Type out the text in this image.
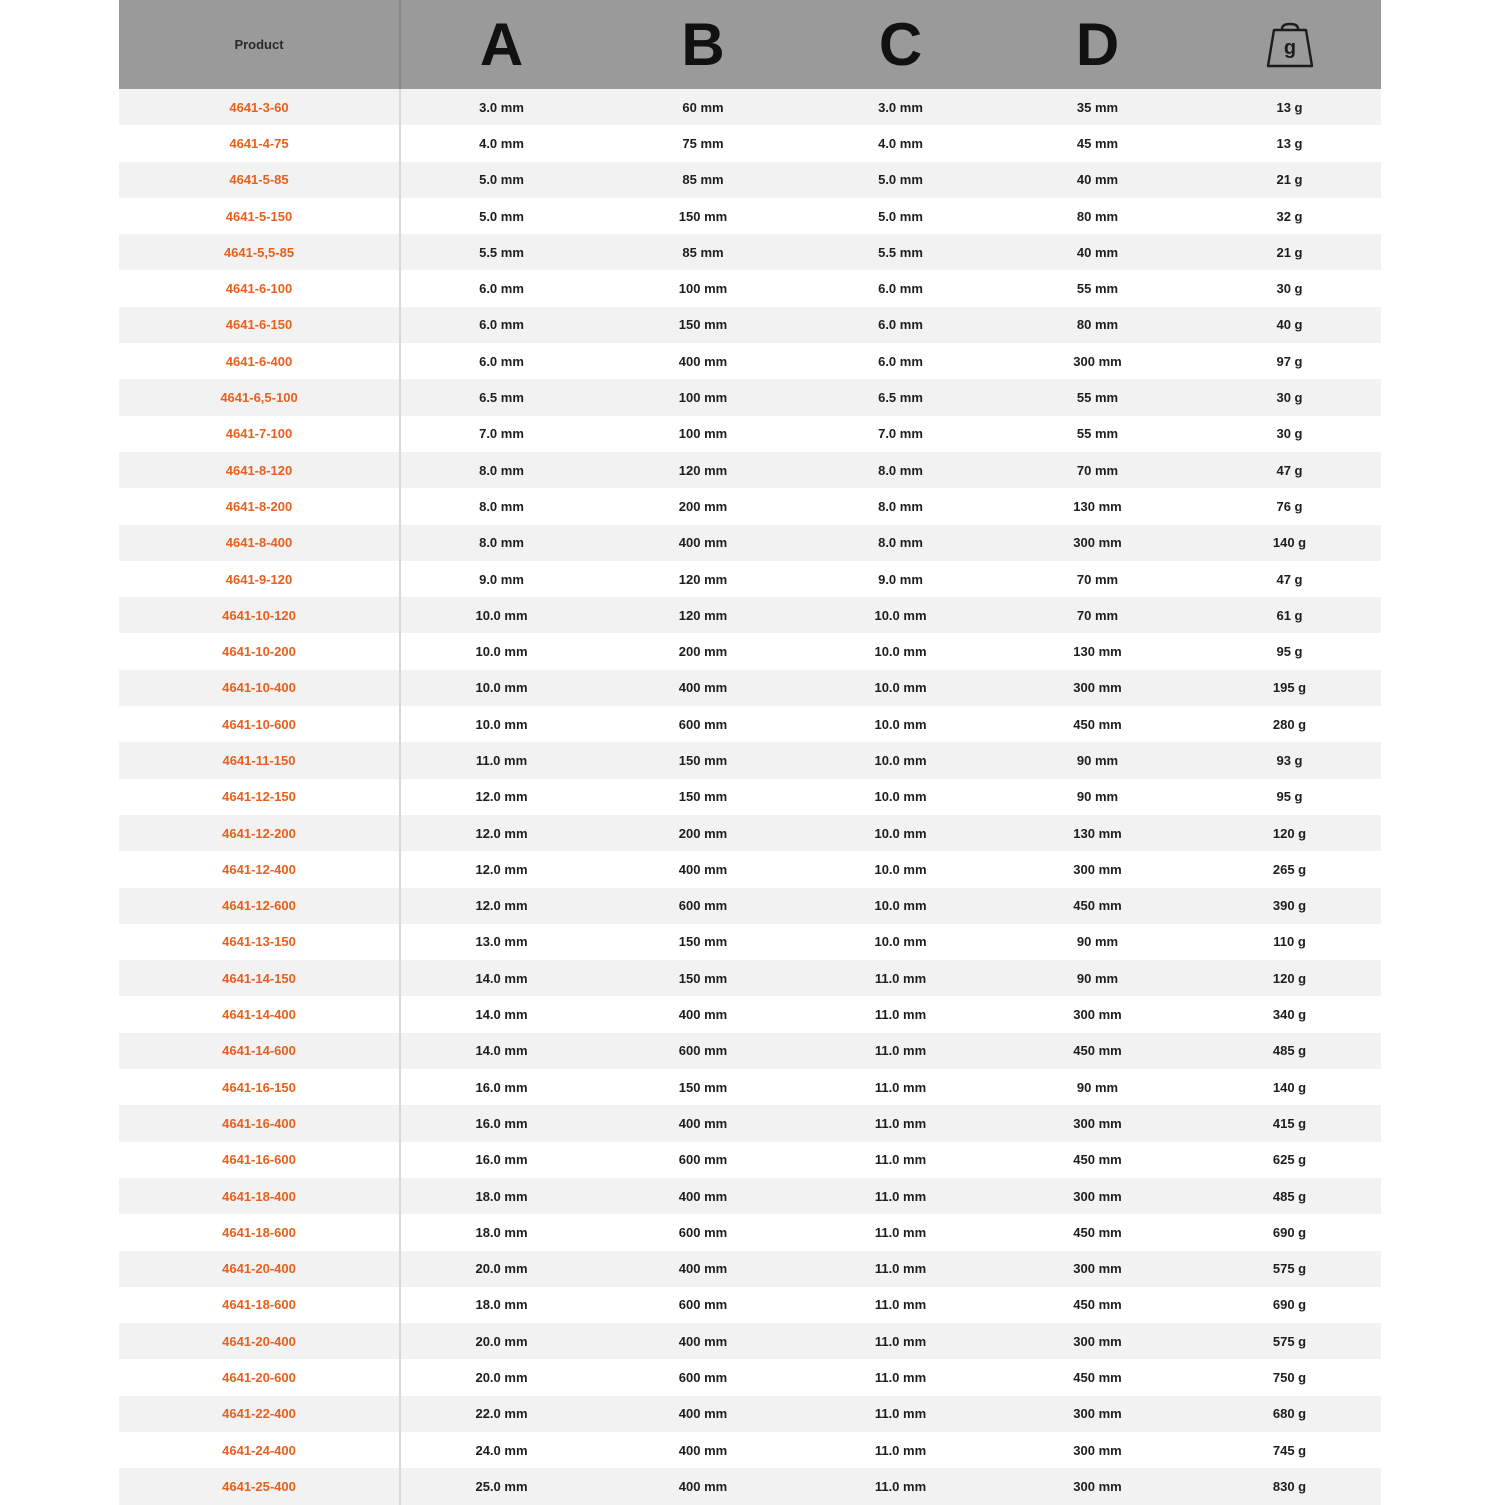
Product	A	B	C	D	g

4641-3-60	3.0 mm	60 mm	3.0 mm	35 mm	13 g
4641-4-75	4.0 mm	75 mm	4.0 mm	45 mm	13 g
4641-5-85	5.0 mm	85 mm	5.0 mm	40 mm	21 g
4641-5-150	5.0 mm	150 mm	5.0 mm	80 mm	32 g
4641-5,5-85	5.5 mm	85 mm	5.5 mm	40 mm	21 g
4641-6-100	6.0 mm	100 mm	6.0 mm	55 mm	30 g
4641-6-150	6.0 mm	150 mm	6.0 mm	80 mm	40 g
4641-6-400	6.0 mm	400 mm	6.0 mm	300 mm	97 g
4641-6,5-100	6.5 mm	100 mm	6.5 mm	55 mm	30 g
4641-7-100	7.0 mm	100 mm	7.0 mm	55 mm	30 g
4641-8-120	8.0 mm	120 mm	8.0 mm	70 mm	47 g
4641-8-200	8.0 mm	200 mm	8.0 mm	130 mm	76 g
4641-8-400	8.0 mm	400 mm	8.0 mm	300 mm	140 g
4641-9-120	9.0 mm	120 mm	9.0 mm	70 mm	47 g
4641-10-120	10.0 mm	120 mm	10.0 mm	70 mm	61 g
4641-10-200	10.0 mm	200 mm	10.0 mm	130 mm	95 g
4641-10-400	10.0 mm	400 mm	10.0 mm	300 mm	195 g
4641-10-600	10.0 mm	600 mm	10.0 mm	450 mm	280 g
4641-11-150	11.0 mm	150 mm	10.0 mm	90 mm	93 g
4641-12-150	12.0 mm	150 mm	10.0 mm	90 mm	95 g
4641-12-200	12.0 mm	200 mm	10.0 mm	130 mm	120 g
4641-12-400	12.0 mm	400 mm	10.0 mm	300 mm	265 g
4641-12-600	12.0 mm	600 mm	10.0 mm	450 mm	390 g
4641-13-150	13.0 mm	150 mm	10.0 mm	90 mm	110 g
4641-14-150	14.0 mm	150 mm	11.0 mm	90 mm	120 g
4641-14-400	14.0 mm	400 mm	11.0 mm	300 mm	340 g
4641-14-600	14.0 mm	600 mm	11.0 mm	450 mm	485 g
4641-16-150	16.0 mm	150 mm	11.0 mm	90 mm	140 g
4641-16-400	16.0 mm	400 mm	11.0 mm	300 mm	415 g
4641-16-600	16.0 mm	600 mm	11.0 mm	450 mm	625 g
4641-18-400	18.0 mm	400 mm	11.0 mm	300 mm	485 g
4641-18-600	18.0 mm	600 mm	11.0 mm	450 mm	690 g
4641-20-400	20.0 mm	400 mm	11.0 mm	300 mm	575 g
4641-18-600	18.0 mm	600 mm	11.0 mm	450 mm	690 g
4641-20-400	20.0 mm	400 mm	11.0 mm	300 mm	575 g
4641-20-600	20.0 mm	600 mm	11.0 mm	450 mm	750 g
4641-22-400	22.0 mm	400 mm	11.0 mm	300 mm	680 g
4641-24-400	24.0 mm	400 mm	11.0 mm	300 mm	745 g
4641-25-400	25.0 mm	400 mm	11.0 mm	300 mm	830 g
